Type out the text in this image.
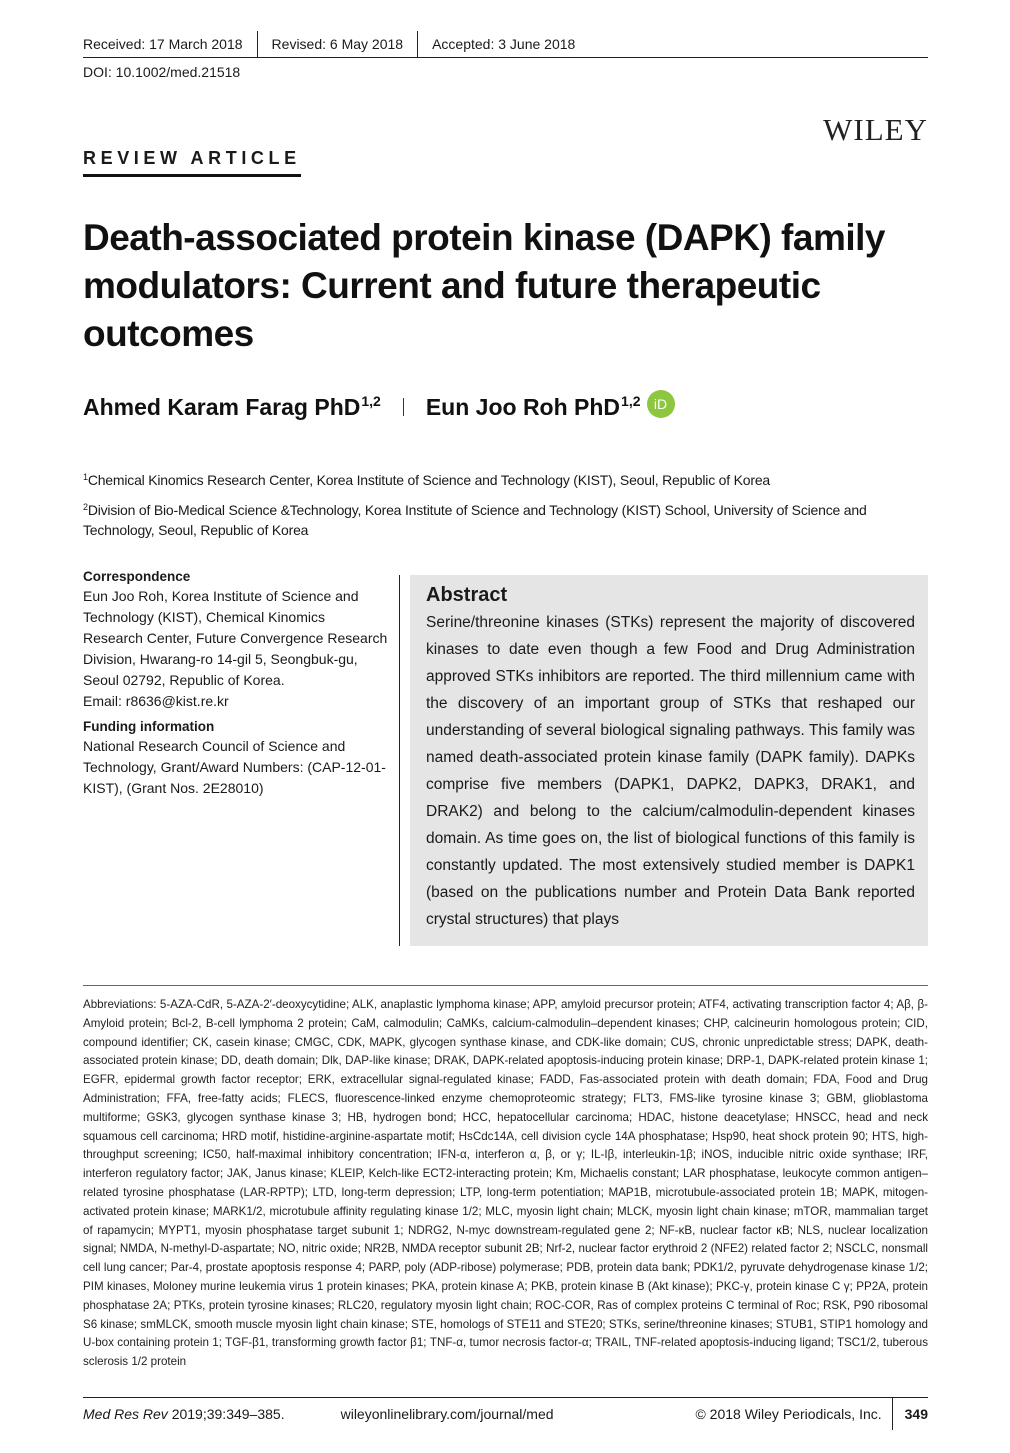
Received: 17 March 2018	Revised: 6 May 2018	Accepted: 3 June 2018
DOI: 10.1002/med.21518
WILEY
REVIEW ARTICLE
Death-associated protein kinase (DAPK) family modulators: Current and future therapeutic outcomes
Ahmed Karam Farag PhD$^{1,2}$ Eun Joo Roh PhD$^{1,2}$ iD

$^1$Chemical Kinomics Research Center, Korea Institute of Science and Technology (KIST), Seoul, Republic of Korea

$^2$Division of Bio-Medical Science &Technology, Korea Institute of Science and Technology (KIST) School, University of Science and Technology, Seoul, Republic of Korea

Correspondence
Eun Joo Roh, Korea Institute of Science and Technology (KIST), Chemical Kinomics Research Center, Future Convergence Research Division, Hwarang-ro 14-gil 5, Seongbuk-gu, Seoul 02792, Republic of Korea.
Email: r8636@kist.re.kr
Funding information
National Research Council of Science and Technology, Grant/Award Numbers: (CAP-12-01-KIST), (Grant Nos. 2E28010)
Abstract

Serine/threonine kinases (STKs) represent the majority of discovered kinases to date even though a few Food and Drug Administration approved STKs inhibitors are reported. The third millennium came with the discovery of an important group of STKs that reshaped our understanding of several biological signaling pathways. This family was named death-associated protein kinase family (DAPK family). DAPKs comprise five members (DAPK1, DAPK2, DAPK3, DRAK1, and DRAK2) and belong to the calcium/calmodulin-dependent kinases domain. As time goes on, the list of biological functions of this family is constantly updated. The most extensively studied member is DAPK1 (based on the publications number and Protein Data Bank reported crystal structures) that plays

Abbreviations: 5-AZA-CdR, 5-AZA-2′-deoxycytidine; ALK, anaplastic lymphoma kinase; APP, amyloid precursor protein; ATF4, activating transcription factor 4; Aβ, β-Amyloid protein; Bcl-2, B-cell lymphoma 2 protein; CaM, calmodulin; CaMKs, calcium-calmodulin–dependent kinases; CHP, calcineurin homologous protein; CID, compound identifier; CK, casein kinase; CMGC, CDK, MAPK, glycogen synthase kinase, and CDK-like domain; CUS, chronic unpredictable stress; DAPK, death-associated protein kinase; DD, death domain; Dlk, DAP-like kinase; DRAK, DAPK-related apoptosis-inducing protein kinase; DRP-1, DAPK-related protein kinase 1; EGFR, epidermal growth factor receptor; ERK, extracellular signal-regulated kinase; FADD, Fas-associated protein with death domain; FDA, Food and Drug Administration; FFA, free-fatty acids; FLECS, fluorescence-linked enzyme chemoproteomic strategy; FLT3, FMS-like tyrosine kinase 3; GBM, glioblastoma multiforme; GSK3, glycogen synthase kinase 3; HB, hydrogen bond; HCC, hepatocellular carcinoma; HDAC, histone deacetylase; HNSCC, head and neck squamous cell carcinoma; HRD motif, histidine-arginine-aspartate motif; HsCdc14A, cell division cycle 14A phosphatase; Hsp90, heat shock protein 90; HTS, high-throughput screening; IC50, half-maximal inhibitory concentration; IFN-α, interferon α, β, or γ; IL-Iβ, interleukin-1β; iNOS, inducible nitric oxide synthase; IRF, interferon regulatory factor; JAK, Janus kinase; KLEIP, Kelch-like ECT2-interacting protein; Km, Michaelis constant; LAR phosphatase, leukocyte common antigen–related tyrosine phosphatase (LAR-RPTP); LTD, long-term depression; LTP, long-term potentiation; MAP1B, microtubule-associated protein 1B; MAPK, mitogen-activated protein kinase; MARK1/2, microtubule affinity regulating kinase 1/2; MLC, myosin light chain; MLCK, myosin light chain kinase; mTOR, mammalian target of rapamycin; MYPT1, myosin phosphatase target subunit 1; NDRG2, N-myc downstream-regulated gene 2; NF-κB, nuclear factor κB; NLS, nuclear localization signal; NMDA, N-methyl-D-aspartate; NO, nitric oxide; NR2B, NMDA receptor subunit 2B; Nrf-2, nuclear factor erythroid 2 (NFE2) related factor 2; NSCLC, nonsmall cell lung cancer; Par-4, prostate apoptosis response 4; PARP, poly (ADP-ribose) polymerase; PDB, protein data bank; PDK1/2, pyruvate dehydrogenase kinase 1/2; PIM kinases, Moloney murine leukemia virus 1 protein kinases; PKA, protein kinase A; PKB, protein kinase B (Akt kinase); PKC-γ, protein kinase C γ; PP2A, protein phosphatase 2A; PTKs, protein tyrosine kinases; RLC20, regulatory myosin light chain; ROC-COR, Ras of complex proteins C terminal of Roc; RSK, P90 ribosomal S6 kinase; smMLCK, smooth muscle myosin light chain kinase; STE, homologs of STE11 and STE20; STKs, serine/threonine kinases; STUB1, STIP1 homology and U-box containing protein 1; TGF-β1, transforming growth factor β1; TNF-α, tumor necrosis factor-α; TRAIL, TNF-related apoptosis-inducing ligand; TSC1/2, tuberous sclerosis 1/2 protein
Med Res Rev 2019;39:349–385.	wileyonlinelibrary.com/journal/med	© 2018 Wiley Periodicals, Inc.	349
